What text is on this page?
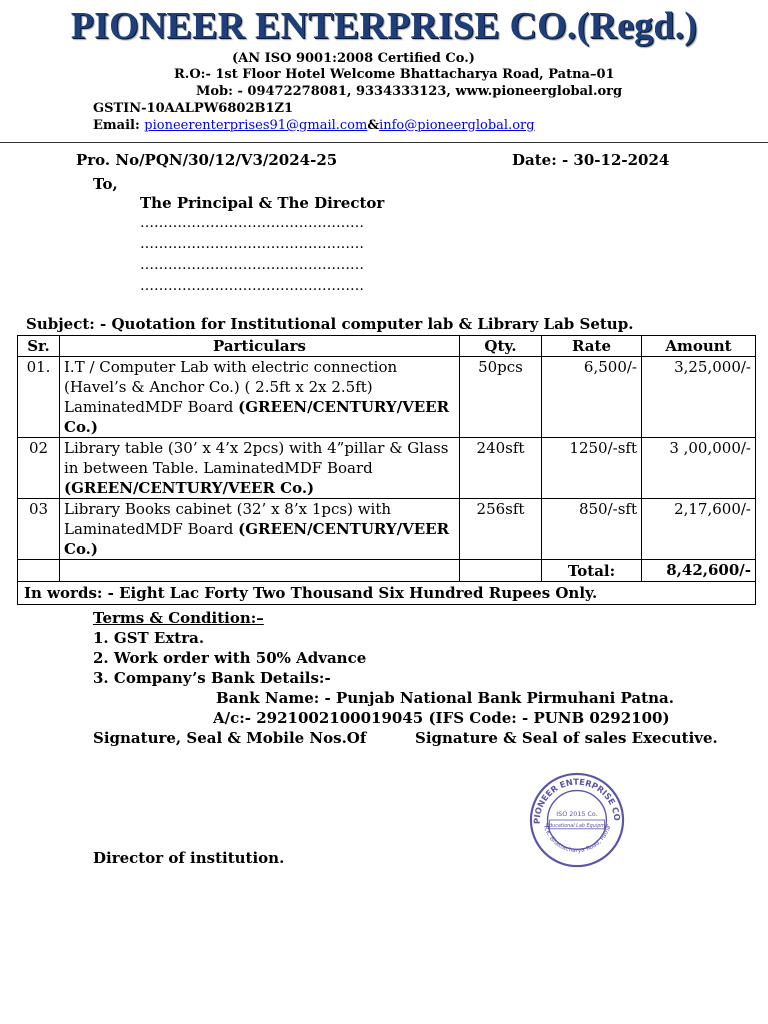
PIONEER ENTERPRISE CO.(Regd.)
(AN ISO 9001:2008 Certified Co.)
R.O:- 1st Floor Hotel Welcome Bhattacharya Road, Patna–01
Mob: - 09472278081, 9334333123, www.pioneerglobal.org
GSTIN-10AALPW6802B1Z1
Email: pioneerenterprises91@gmail.com&info@pioneerglobal.org
Pro. No/PQN/30/12/V3/2024-25	Date: - 30-12-2024
To,
The Principal & The Director
…………………………………………
…………………………………………
…………………………………………
…………………………………………
Subject: - Quotation for Institutional computer lab & Library Lab Setup.
Sr.	Particulars	Qty.	Rate	Amount
01.	I.T / Computer Lab with electric connection (Havel’s & Anchor Co.) ( 2.5ft x 2x 2.5ft) LaminatedMDF Board (GREEN/CENTURY/VEER Co.)	50pcs	6,500/-	3,25,000/-
02	Library table (30’ x 4’x 2pcs) with 4”pillar & Glass in between Table. LaminatedMDF Board (GREEN/CENTURY/VEER Co.)	240sft	1250/-sft	3 ,00,000/-
03	Library Books cabinet (32’ x 8’x 1pcs) with LaminatedMDF Board (GREEN/CENTURY/VEER Co.)	256sft	850/-sft	2,17,600/-
			Total:	8,42,600/-
In words: - Eight Lac Forty Two Thousand Six Hundred Rupees Only.				
Terms & Condition:–
1. GST Extra.
2. Work order with 50% Advance
3. Company’s Bank Details:-
Bank Name: - Punjab National Bank Pirmuhani Patna.
A/c:- 2921002100019045 (IFS Code: - PUNB 0292100)
Signature, Seal & Mobile Nos.Of	Signature & Seal of sales Executive.
Director of institution.
PIONEER ENTERPRISE CO
R.K. Bhattacharya Road, Patna
ISO 2015 Co.
Educational Lab Equipme
